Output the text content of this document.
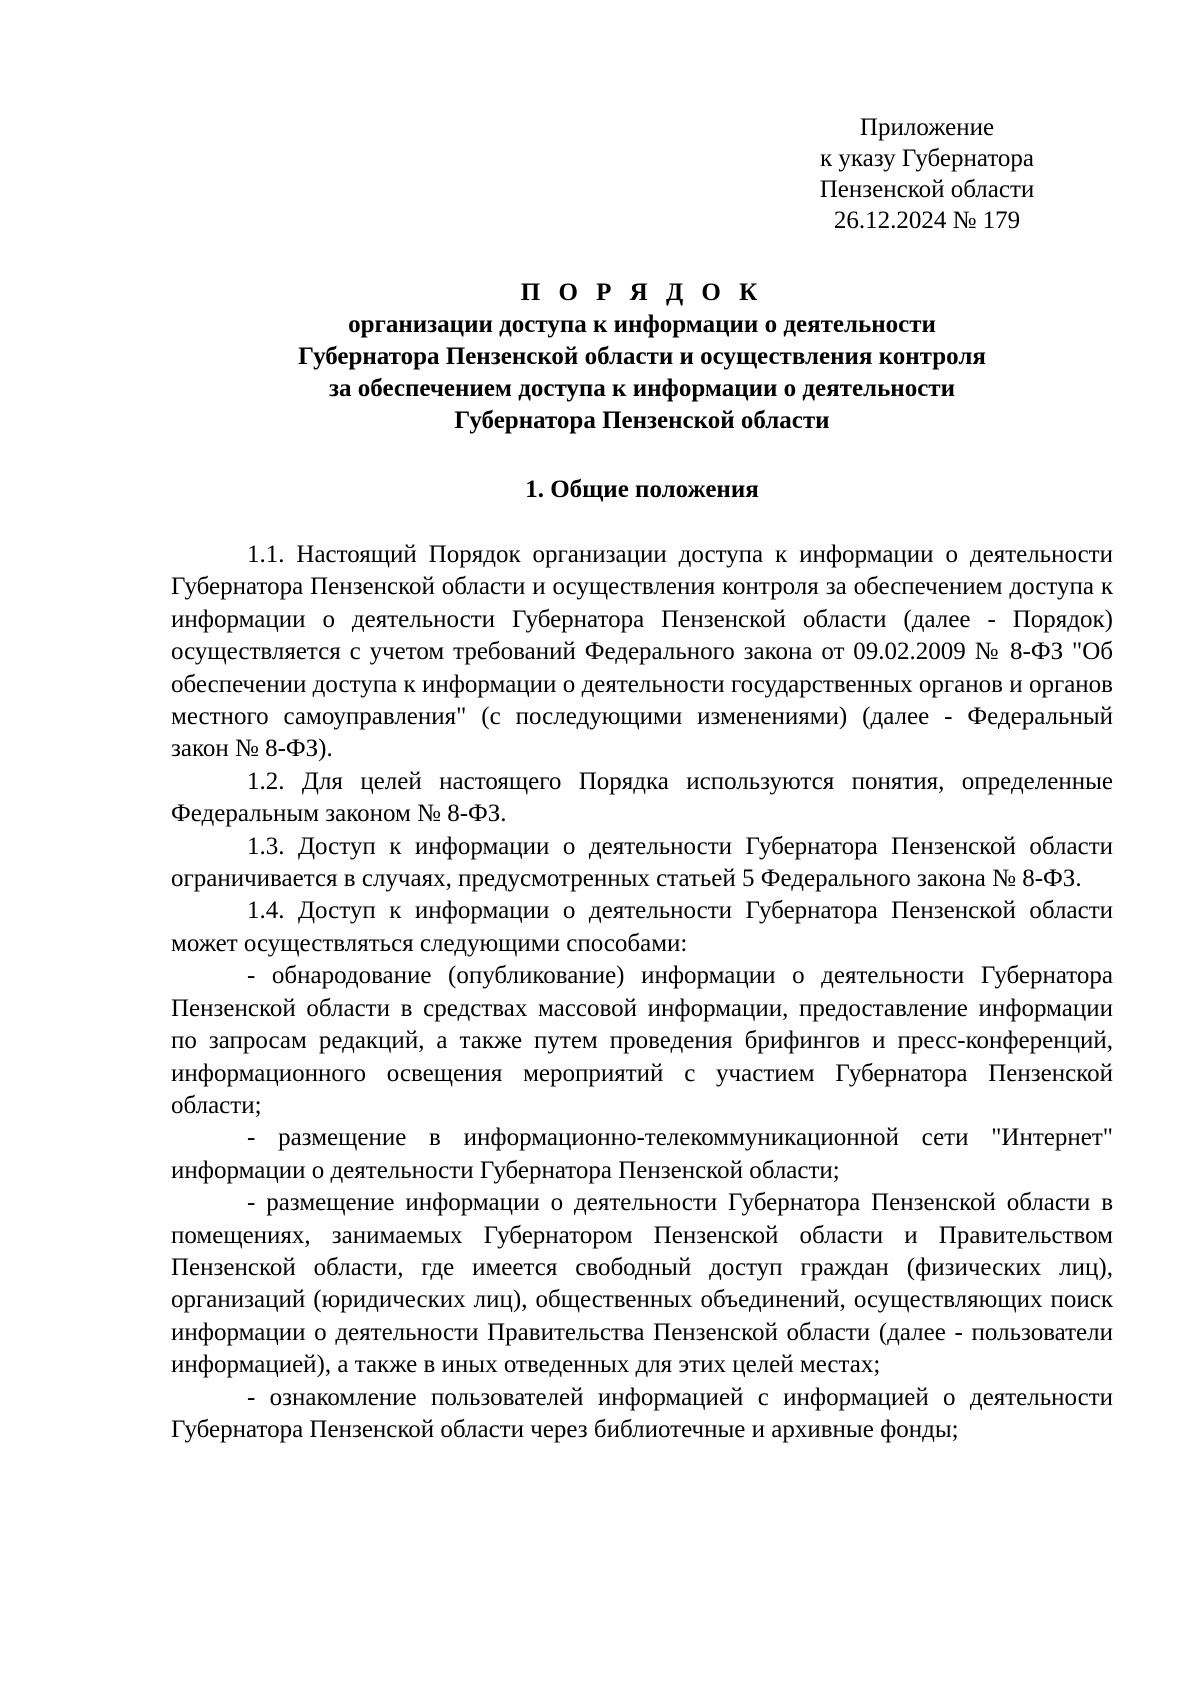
Приложение
к указу Губернатора
Пензенской области
26.12.2024 № 179
П О Р Я Д О К
организации доступа к информации о деятельности
Губернатора Пензенской области и осуществления контроля
за обеспечением доступа к информации о деятельности
Губернатора Пензенской области
1. Общие положения

1.1. Настоящий Порядок организации доступа к информации о деятельности Губернатора Пензенской области и осуществления контроля за обеспечением доступа к информации о деятельности Губернатора Пензенской области (далее - Порядок) осуществляется с учетом требований Федерального закона от 09.02.2009 № 8-ФЗ "Об обеспечении доступа к информации о деятельности государственных органов и органов местного самоуправления" (с последующими изменениями) (далее - Федеральный закон № 8-ФЗ).

1.2. Для целей настоящего Порядка используются понятия, определенные Федеральным законом № 8-ФЗ.

1.3. Доступ к информации о деятельности Губернатора Пензенской области ограничивается в случаях, предусмотренных статьей 5 Федерального закона № 8-ФЗ.

1.4. Доступ к информации о деятельности Губернатора Пензенской области может осуществляться следующими способами:

- обнародование (опубликование) информации о деятельности Губернатора Пензенской области в средствах массовой информации, предоставление информации по запросам редакций, а также путем проведения брифингов и пресс-конференций, информационного освещения мероприятий с участием Губернатора Пензенской области;

- размещение в информационно-телекоммуникационной сети "Интернет" информации о деятельности Губернатора Пензенской области;

- размещение информации о деятельности Губернатора Пензенской области в помещениях, занимаемых Губернатором Пензенской области и Правительством Пензенской области, где имеется свободный доступ граждан (физических лиц), организаций (юридических лиц), общественных объединений, осуществляющих поиск информации о деятельности Правительства Пензенской области (далее - пользователи информацией), а также в иных отведенных для этих целей местах;

- ознакомление пользователей информацией с информацией о деятельности Губернатора Пензенской области через библиотечные и архивные фонды;
